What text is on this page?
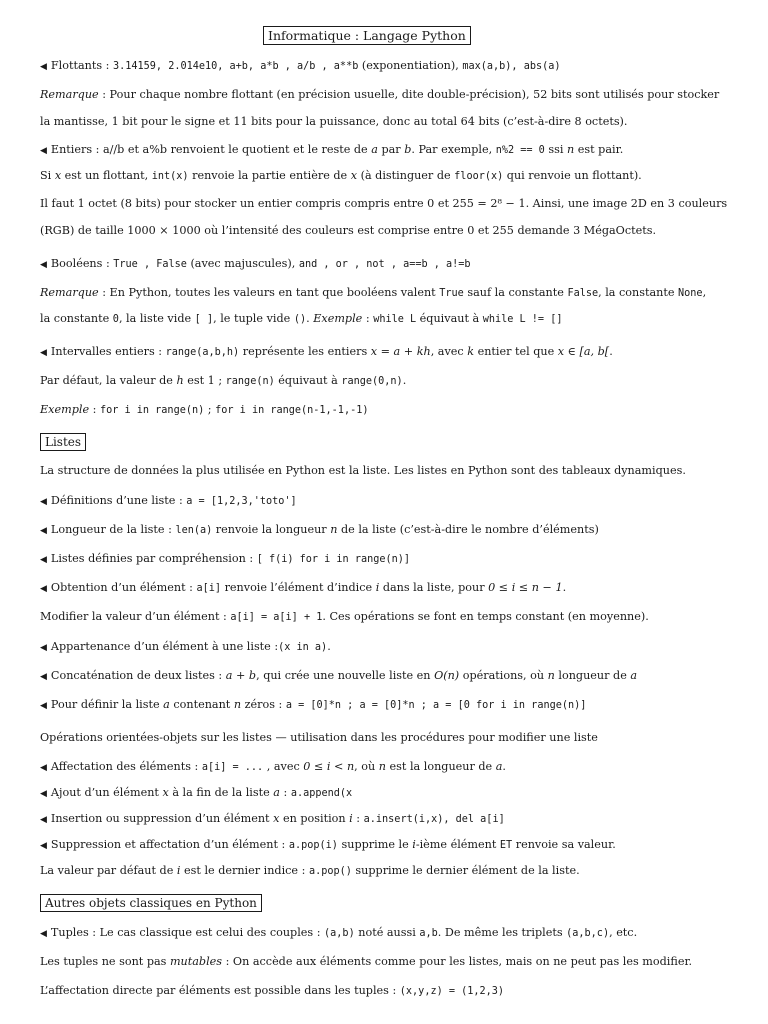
Informatique : Langage Python
◀ Flottants : 3.14159, 2.014e10, a+b, a*b , a/b , a**b (exponentiation), max(a,b), abs(a)
Remarque : Pour chaque nombre flottant (en précision usuelle, dite double-précision), 52 bits sont utilisés pour stocker
la mantisse, 1 bit pour le signe et 11 bits pour la puissance, donc au total 64 bits (c’est-à-dire 8 octets).
◀ Entiers : a//b et a%b renvoient le quotient et le reste de a par b. Par exemple, n%2 == 0 ssi n est pair.
Si x est un flottant, int(x) renvoie la partie entière de x (à distinguer de floor(x) qui renvoie un flottant).
Il faut 1 octet (8 bits) pour stocker un entier compris compris entre 0 et 255 = 2⁸ − 1. Ainsi, une image 2D en 3 couleurs
(RGB) de taille 1000 × 1000 où l’intensité des couleurs est comprise entre 0 et 255 demande 3 MégaOctets.
◀ Booléens : True , False (avec majuscules), and , or , not , a==b , a!=b
Remarque : En Python, toutes les valeurs en tant que booléens valent True sauf la constante False, la constante None,
la constante 0, la liste vide [ ], le tuple vide (). Exemple : while L équivaut à while L != []
◀ Intervalles entiers : range(a,b,h) représente les entiers x = a + kh, avec k entier tel que x ∈ [a, b[.
Par défaut, la valeur de h est 1 ; range(n) équivaut à range(0,n).
Exemple : for i in range(n) ; for i in range(n-1,-1,-1)
Listes
La structure de données la plus utilisée en Python est la liste. Les listes en Python sont des tableaux dynamiques.
◀ Définitions d’une liste : a = [1,2,3,'toto']
◀ Longueur de la liste : len(a) renvoie la longueur n de la liste (c’est-à-dire le nombre d’éléments)
◀ Listes définies par compréhension : [ f(i) for i in range(n)]
◀ Obtention d’un élément : a[i] renvoie l’élément d’indice i dans la liste, pour 0 ≤ i ≤ n − 1.
Modifier la valeur d’un élément : a[i] = a[i] + 1. Ces opérations se font en temps constant (en moyenne).
◀ Appartenance d’un élément à une liste :(x in a).
◀ Concaténation de deux listes : a + b, qui crée une nouvelle liste en O(n) opérations, où n longueur de a
◀ Pour définir la liste a contenant n zéros : a = [0]*n ; a = [0]*n ; a = [0 for i in range(n)]
Opérations orientées-objets sur les listes — utilisation dans les procédures pour modifier une liste
◀ Affectation des éléments : a[i] = ... , avec 0 ≤ i < n, où n est la longueur de a.
◀ Ajout d’un élément x à la fin de la liste a : a.append(x
◀ Insertion ou suppression d’un élément x en position i : a.insert(i,x), del a[i]
◀ Suppression et affectation d’un élément : a.pop(i) supprime le i-ième élément ET renvoie sa valeur.
La valeur par défaut de i est le dernier indice : a.pop() supprime le dernier élément de la liste.
Autres objets classiques en Python
◀ Tuples : Le cas classique est celui des couples : (a,b) noté aussi a,b. De même les triplets (a,b,c), etc.
Les tuples ne sont pas mutables : On accède aux éléments comme pour les listes, mais on ne peut pas les modifier.
L’affectation directe par éléments est possible dans les tuples : (x,y,z) = (1,2,3)
